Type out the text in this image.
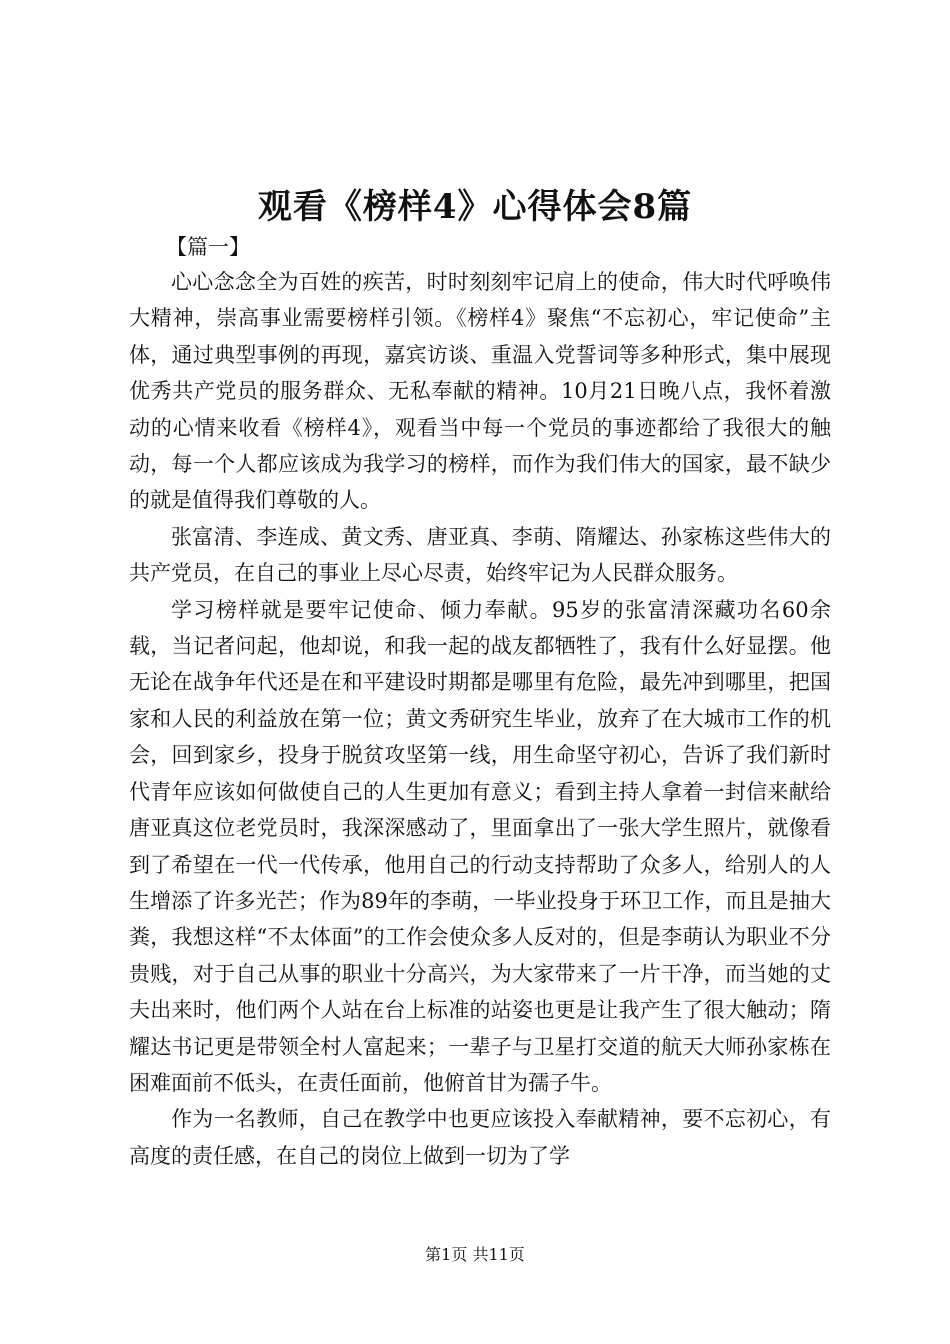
观看《榜样4》心得体会8篇
【篇一】

心心念念全为百姓的疾苦，时时刻刻牢记肩上的使命，伟大时代呼唤伟大精神，崇高事业需要榜样引领。《榜样4》聚焦“不忘初心，牢记使命”主体，通过典型事例的再现，嘉宾访谈、重温入党誓词等多种形式，集中展现优秀共产党员的服务群众、无私奉献的精神。10月21日晚八点，我怀着激动的心情来收看《榜样4》，观看当中每一个党员的事迹都给了我很大的触动，每一个人都应该成为我学习的榜样，而作为我们伟大的国家，最不缺少的就是值得我们尊敬的人。

张富清、李连成、黄文秀、唐亚真、李萌、隋耀达、孙家栋这些伟大的共产党员，在自己的事业上尽心尽责，始终牢记为人民群众服务。

学习榜样就是要牢记使命、倾力奉献。95岁的张富清深藏功名60余载，当记者问起，他却说，和我一起的战友都牺牲了，我有什么好显摆。他无论在战争年代还是在和平建设时期都是哪里有危险，最先冲到哪里，把国家和人民的利益放在第一位；黄文秀研究生毕业，放弃了在大城市工作的机会，回到家乡，投身于脱贫攻坚第一线，用生命坚守初心，告诉了我们新时代青年应该如何做使自己的人生更加有意义；看到主持人拿着一封信来献给唐亚真这位老党员时，我深深感动了，里面拿出了一张大学生照片，就像看到了希望在一代一代传承，他用自己的行动支持帮助了众多人，给别人的人生增添了许多光芒；作为89年的李萌，一毕业投身于环卫工作，而且是抽大粪，我想这样“不太体面”的工作会使众多人反对的，但是李萌认为职业不分贵贱，对于自己从事的职业十分高兴，为大家带来了一片干净，而当她的丈夫出来时，他们两个人站在台上标准的站姿也更是让我产生了很大触动；隋耀达书记更是带领全村人富起来；一辈子与卫星打交道的航天大师孙家栋在困难面前不低头，在责任面前，他俯首甘为孺子牛。

作为一名教师，自己在教学中也更应该投入奉献精神，要不忘初心，有高度的责任感，在自己的岗位上做到一切为了学

第1页 共11页
